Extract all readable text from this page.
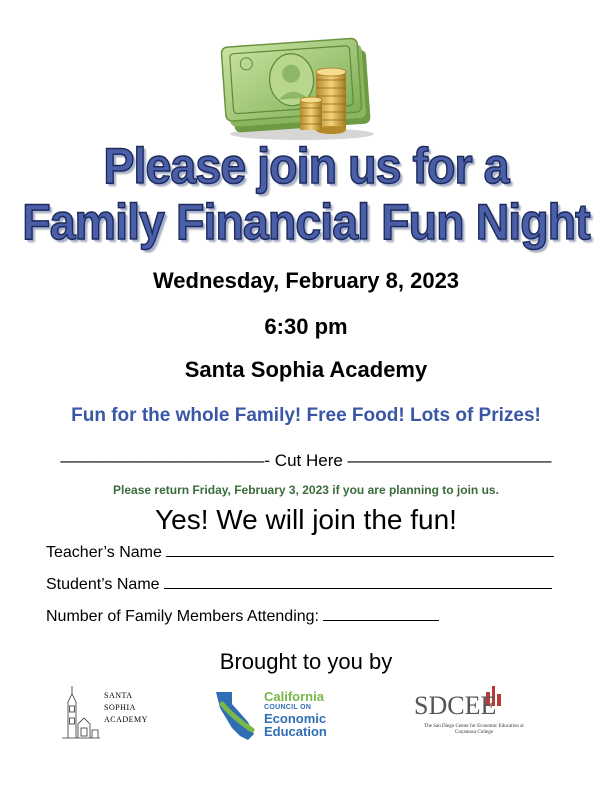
Please join us for a
Family Financial Fun Night
Wednesday, February 8, 2023
6:30 pm
Santa Sophia Academy
Fun for the whole Family! Free Food! Lots of Prizes!
————————————- Cut Here ————————————
Please return Friday, February 3, 2023 if you are planning to join us.
Yes! We will join the fun!
Teacher’s Name
Student’s Name
Number of Family Members Attending:
Brought to you by
SANTA
SOPHIA
ACADEMY
California
COUNCIL ON
Economic
Education
SDCEE
The San Diego Center for Economic Education at Cuyamaca College
